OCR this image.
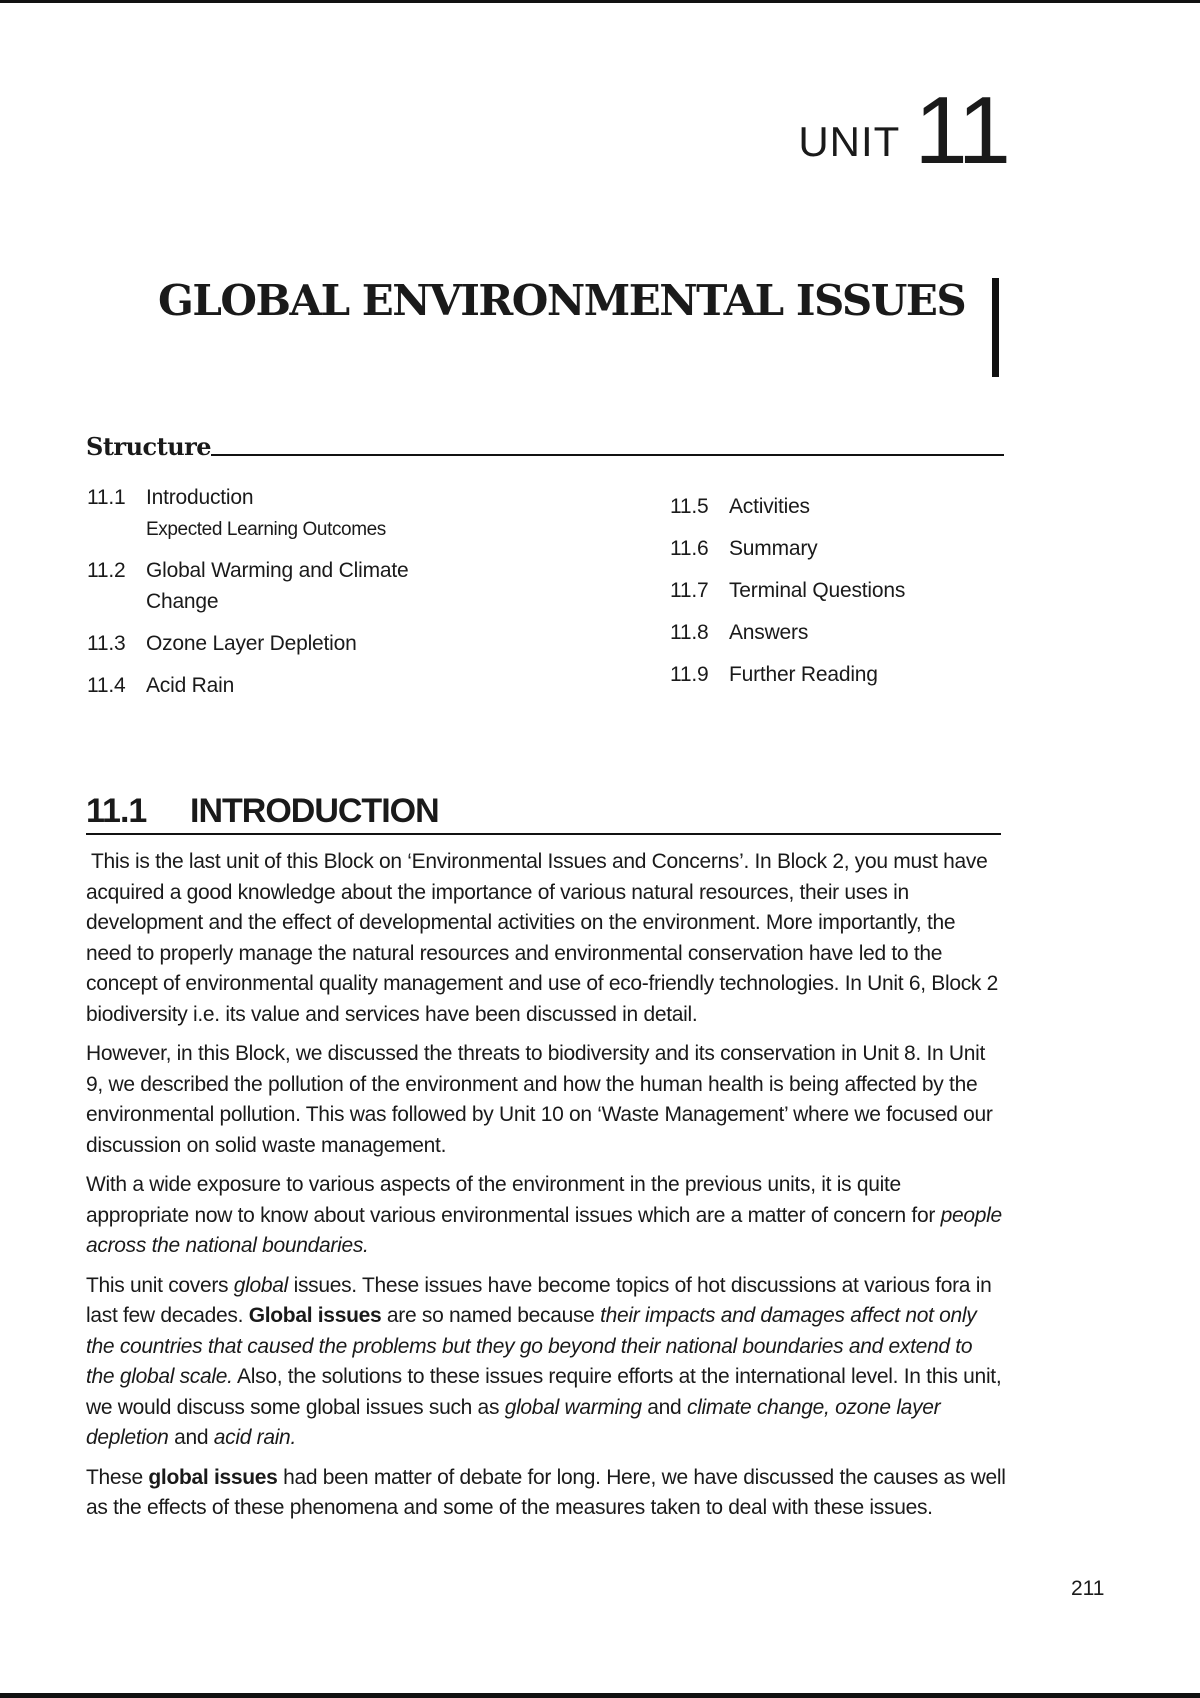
UNIT 11
GLOBAL ENVIRONMENTAL ISSUES
Structure
11.1 Introduction
Expected Learning Outcomes
11.2 Global Warming and Climate
Change
11.3 Ozone Layer Depletion
11.4 Acid Rain
11.5 Activities
11.6 Summary
11.7 Terminal Questions
11.8 Answers
11.9 Further Reading
11.1	INTRODUCTION

This is the last unit of this Block on ‘Environmental Issues and Concerns’. In Block 2, you must have acquired a good knowledge about the importance of various natural resources, their uses in development and the effect of developmental activities on the environment. More importantly, the need to properly manage the natural resources and environmental conservation have led to the concept of environmental quality management and use of eco-friendly technologies. In Unit 6, Block 2 biodiversity i.e. its value and services have been discussed in detail.

However, in this Block, we discussed the threats to biodiversity and its conservation in Unit 8. In Unit 9, we described the pollution of the environment and how the human health is being affected by the environmental pollution. This was followed by Unit 10 on ‘Waste Management’ where we focused our discussion on solid waste management.

With a wide exposure to various aspects of the environment in the previous units, it is quite appropriate now to know about various environmental issues which are a matter of concern for people across the national boundaries.

This unit covers global issues. These issues have become topics of hot discussions at various fora in last few decades. Global issues are so named because their impacts and damages affect not only the countries that caused the problems but they go beyond their national boundaries and extend to the global scale. Also, the solutions to these issues require efforts at the international level. In this unit, we would discuss some global issues such as global warming and climate change, ozone layer depletion and acid rain.

These global issues had been matter of debate for long. Here, we have discussed the causes as well as the effects of these phenomena and some of the measures taken to deal with these issues.

211
